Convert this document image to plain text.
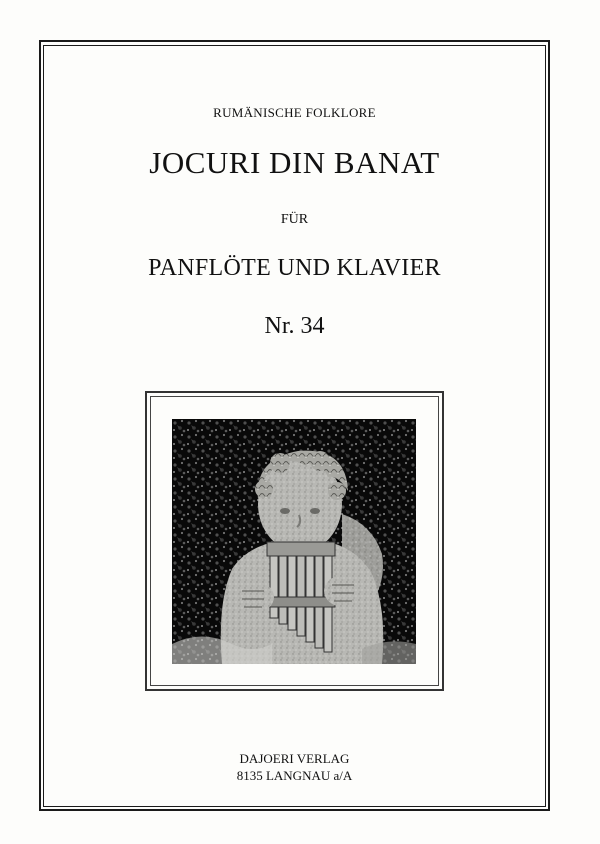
RUMÄNISCHE FOLKLORE
JOCURI DIN BANAT
FÜR
PANFLÖTE UND KLAVIER
Nr. 34
DAJOERI VERLAG
8135 LANGNAU a/A
